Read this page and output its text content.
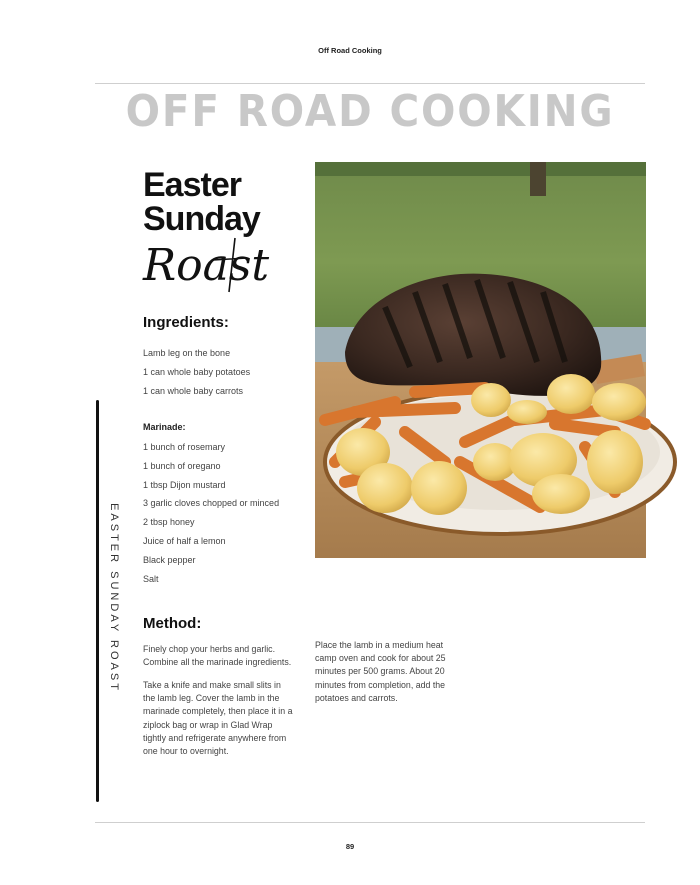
Off Road Cooking
OFF ROAD COOKING
Easter
Sunday
Roast
Ingredients:
Lamb leg on the bone
1 can whole baby potatoes
1 can whole baby carrots
Marinade:
1 bunch of rosemary
1 bunch of oregano
1 tbsp Dijon mustard
3 garlic cloves chopped or minced
2 tbsp honey
Juice of half a lemon
Black pepper
Salt
Method:
Finely chop your herbs and garlic. Combine all the marinade ingredients.
Take a knife and make small slits in the lamb leg. Cover the lamb in the marinade completely, then place it in a ziplock bag or wrap in Glad Wrap tightly and refrigerate anywhere from one hour to overnight.
Place the lamb in a medium heat camp oven and cook for about 25 minutes per 500 grams. About 20 minutes from completion, add the potatoes and carrots.
EASTER SUNDAY ROAST
89
